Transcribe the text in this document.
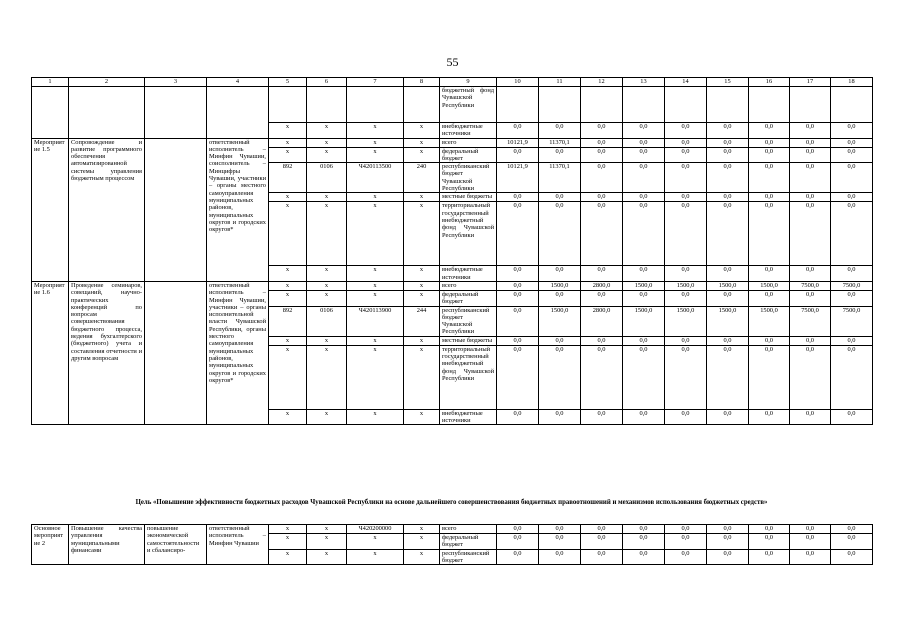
55
1	2	3	4	5	6	7	8	9	10	11	12	13	14	15	16	17	18
								бюджетный фонд Чувашской Республики									
				x	x	x	x	внебюджетные источники	0,0	0,0	0,0	0,0	0,0	0,0	0,0	0,0	0,0
Мероприятие 1.5	Сопровождение и развитие программного обеспечения автоматизированной системы управления бюджетным процессом		ответственный исполнитель – Минфин Чувашии, соисполнитель – Минцифры Чувашии, участники – органы местного самоуправления муниципальных районов, муниципальных округов и городских округов*	x	x	x	x	всего	10121,9	11370,1	0,0	0,0	0,0	0,0	0,0	0,0	0,0
				x	x	x	x	федеральный бюджет	0,0	0,0	0,0	0,0	0,0	0,0	0,0	0,0	0,0
				892	0106	Ч420113500	240	республиканский бюджет Чувашской Республики	10121,9	11370,1	0,0	0,0	0,0	0,0	0,0	0,0	0,0
				x	x	x	x	местные бюджеты	0,0	0,0	0,0	0,0	0,0	0,0	0,0	0,0	0,0
				x	x	x	x	территориальный государственный внебюджетный фонд Чувашской Республики	0,0	0,0	0,0	0,0	0,0	0,0	0,0	0,0	0,0
				x	x	x	x	внебюджетные источники	0,0	0,0	0,0	0,0	0,0	0,0	0,0	0,0	0,0
Мероприятие 1.6	Проведение семинаров, совещаний, научно-практических конференций по вопросам совершенствования бюджетного процесса, ведения бухгалтерского (бюджетного) учета и составления отчетности и другим вопросам		ответственный исполнитель – Минфин Чувашии, участники – органы исполнительной власти Чувашской Республики, органы местного самоуправления муниципальных районов, муниципальных округов и городских округов*	x	x	x	x	всего	0,0	1500,0	2800,0	1500,0	1500,0	1500,0	1500,0	7500,0	7500,0
				x	x	x	x	федеральный бюджет	0,0	0,0	0,0	0,0	0,0	0,0	0,0	0,0	0,0
				892	0106	Ч420113900	244	республиканский бюджет Чувашской Республики	0,0	1500,0	2800,0	1500,0	1500,0	1500,0	1500,0	7500,0	7500,0
				x	x	x	x	местные бюджеты	0,0	0,0	0,0	0,0	0,0	0,0	0,0	0,0	0,0
				x	x	x	x	территориальный государственный внебюджетный фонд Чувашской Республики	0,0	0,0	0,0	0,0	0,0	0,0	0,0	0,0	0,0
				x	x	x	x	внебюджетные источники	0,0	0,0	0,0	0,0	0,0	0,0	0,0	0,0	0,0
Цель «Повышение эффективности бюджетных расходов Чувашской Республики на основе дальнейшего совершенствования бюджетных правоотношений и механизмов использования бюджетных средств»
Основное мероприятие 2	Повышение качества управления муниципальными финансами	повышение экономической самостоятельности и сбалансиро-	ответственный исполнитель – Минфин Чувашии	x	x	Ч420200000	x	всего	0,0	0,0	0,0	0,0	0,0	0,0	0,0	0,0	0,0
				x	x	x	x	федеральный бюджет	0,0	0,0	0,0	0,0	0,0	0,0	0,0	0,0	0,0
				x	x	x	x	республиканский бюджет	0,0	0,0	0,0	0,0	0,0	0,0	0,0	0,0	0,0
